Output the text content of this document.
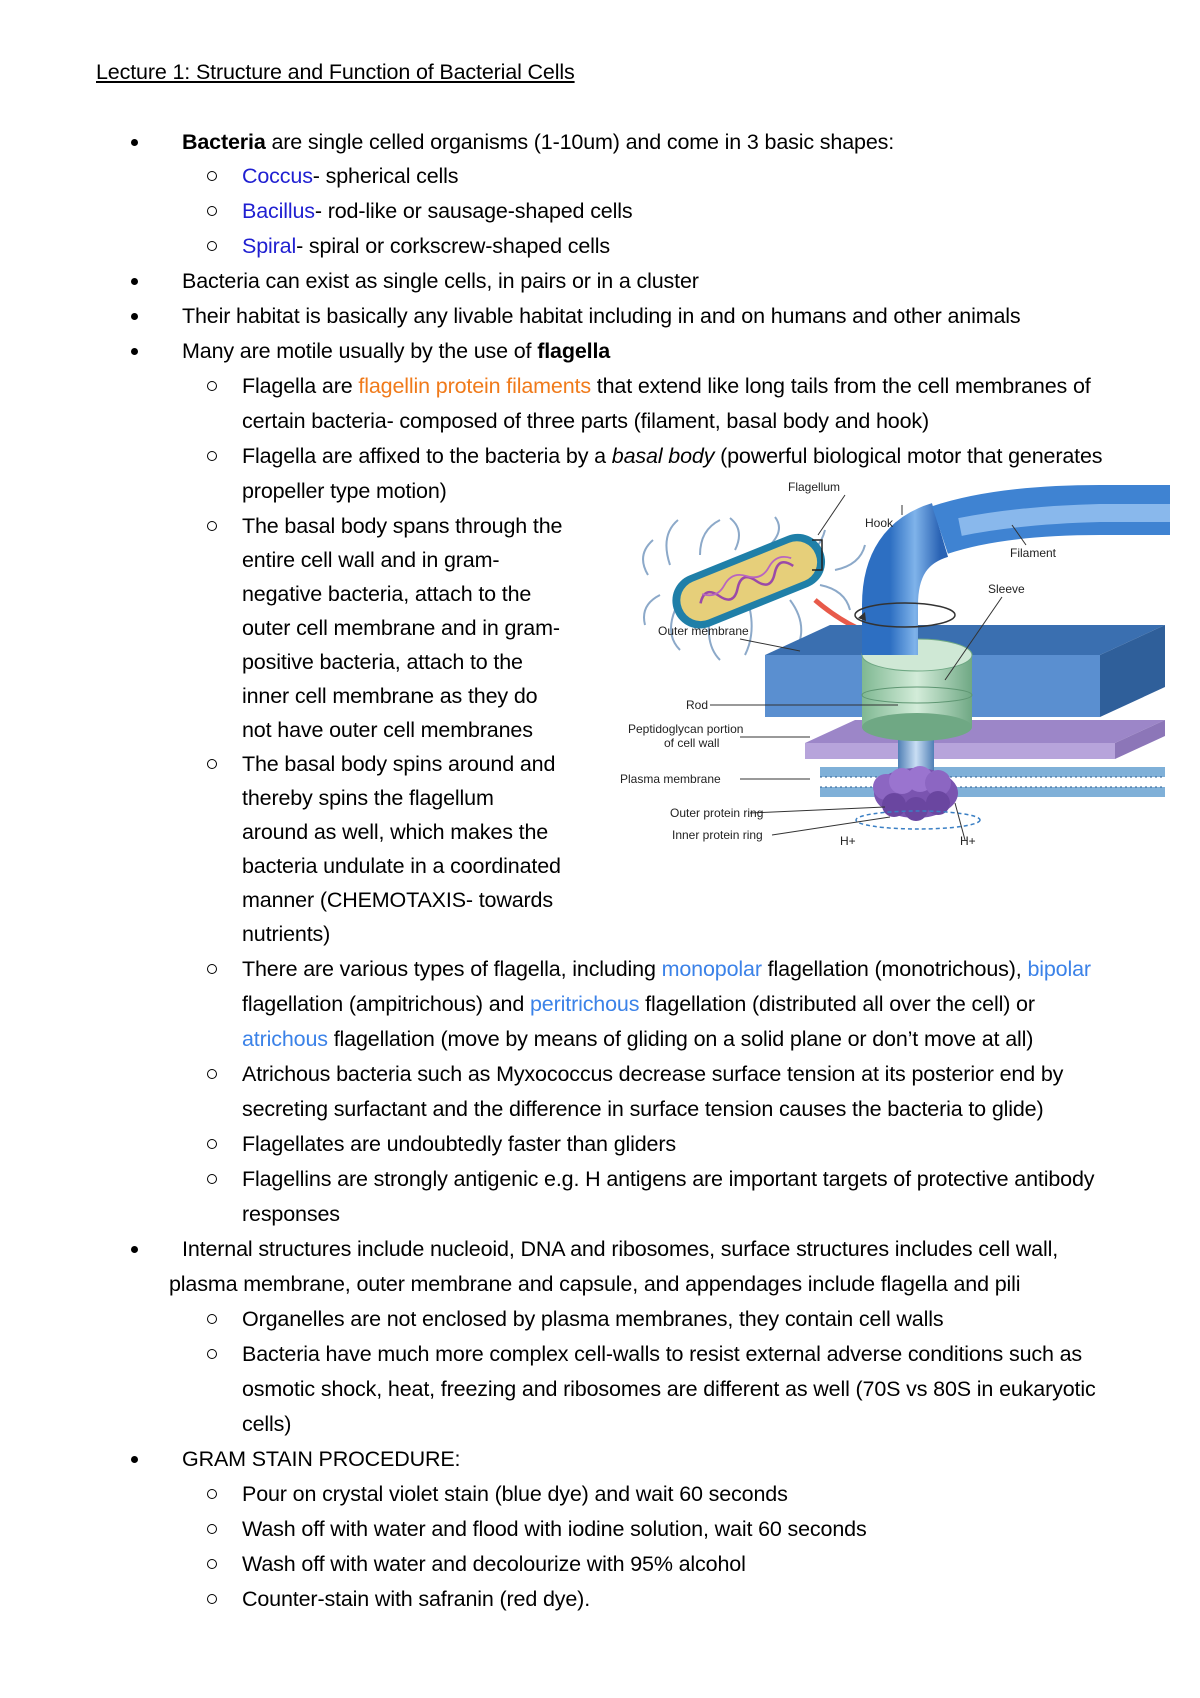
Lecture 1: Structure and Function of Bacterial Cells
Bacteria are single celled organisms (1-10um) and come in 3 basic shapes:
Coccus- spherical cells
Bacillus- rod-like or sausage-shaped cells
Spiral- spiral or corkscrew-shaped cells
Bacteria can exist as single cells, in pairs or in a cluster
Their habitat is basically any livable habitat including in and on humans and other animals
Many are motile usually by the use of flagella
Flagella are flagellin protein filaments that extend like long tails from the cell membranes of
certain bacteria- composed of three parts (filament, basal body and hook)
Flagella are affixed to the bacteria by a basal body (powerful biological motor that generates
propeller type motion)
The basal body spans through the
entire cell wall and in gram-
negative bacteria, attach to the
outer cell membrane and in gram-
positive bacteria, attach to the
inner cell membrane as they do
not have outer cell membranes
The basal body spins around and
thereby spins the flagellum
around as well, which makes the
bacteria undulate in a coordinated
manner (CHEMOTAXIS- towards
nutrients)
There are various types of flagella, including monopolar flagellation (monotrichous), bipolar
flagellation (ampitrichous) and peritrichous flagellation (distributed all over the cell) or
atrichous flagellation (move by means of gliding on a solid plane or don’t move at all)
Atrichous bacteria such as Myxococcus decrease surface tension at its posterior end by
secreting surfactant and the difference in surface tension causes the bacteria to glide)
Flagellates are undoubtedly faster than gliders
Flagellins are strongly antigenic e.g. H antigens are important targets of protective antibody
responses
Internal structures include nucleoid, DNA and ribosomes, surface structures includes cell wall,
plasma membrane, outer membrane and capsule, and appendages include flagella and pili
Organelles are not enclosed by plasma membranes, they contain cell walls
Bacteria have much more complex cell-walls to resist external adverse conditions such as
osmotic shock, heat, freezing and ribosomes are different as well (70S vs 80S in eukaryotic
cells)
GRAM STAIN PROCEDURE:
Pour on crystal violet stain (blue dye) and wait 60 seconds
Wash off with water and flood with iodine solution, wait 60 seconds
Wash off with water and decolourize with 95% alcohol
Counter-stain with safranin (red dye).
Flagellum
Hook
Filament
Sleeve
Outer membrane
Rod
Peptidoglycan portion
of cell wall
Plasma membrane
Outer protein ring
Inner protein ring	H+	H+
